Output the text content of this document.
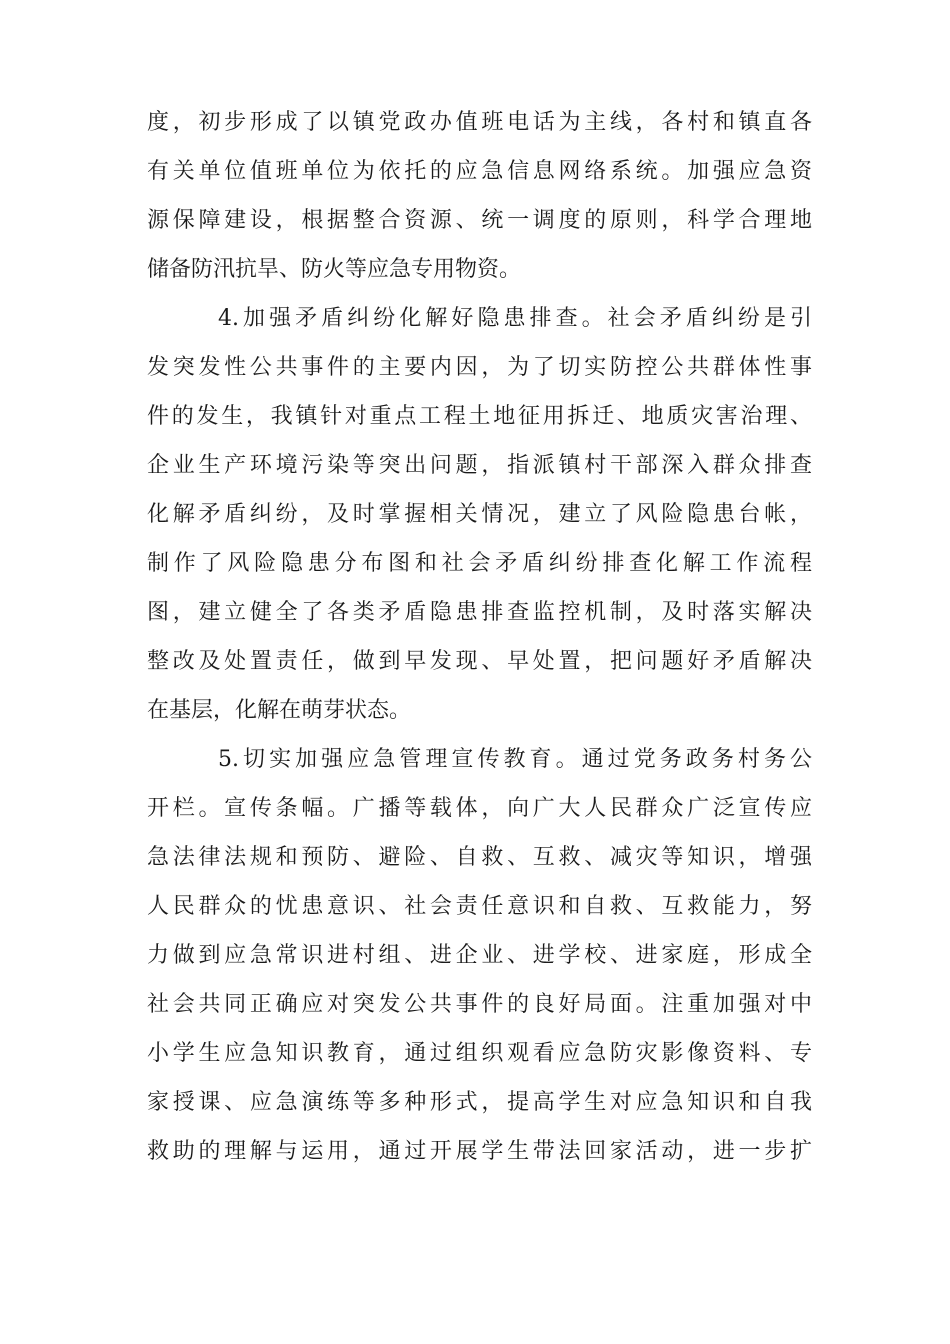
度，初步形成了以镇党政办值班电话为主线，各村和镇直各
有关单位值班单位为依托的应急信息网络系统。加强应急资
源保障建设，根据整合资源、统一调度的原则，科学合理地
储备防汛抗旱、防火等应急专用物资。
4.加强矛盾纠纷化解好隐患排查。社会矛盾纠纷是引
发突发性公共事件的主要内因，为了切实防控公共群体性事
件的发生，我镇针对重点工程土地征用拆迁、地质灾害治理、
企业生产环境污染等突出问题，指派镇村干部深入群众排查
化解矛盾纠纷，及时掌握相关情况，建立了风险隐患台帐，
制作了风险隐患分布图和社会矛盾纠纷排查化解工作流程
图，建立健全了各类矛盾隐患排查监控机制，及时落实解决
整改及处置责任，做到早发现、早处置，把问题好矛盾解决
在基层，化解在萌芽状态。
5.切实加强应急管理宣传教育。通过党务政务村务公
开栏。宣传条幅。广播等载体，向广大人民群众广泛宣传应
急法律法规和预防、避险、自救、互救、减灾等知识，增强
人民群众的忧患意识、社会责任意识和自救、互救能力，努
力做到应急常识进村组、进企业、进学校、进家庭，形成全
社会共同正确应对突发公共事件的良好局面。注重加强对中
小学生应急知识教育，通过组织观看应急防灾影像资料、专
家授课、应急演练等多种形式，提高学生对应急知识和自我
救助的理解与运用，通过开展学生带法回家活动，进一步扩
